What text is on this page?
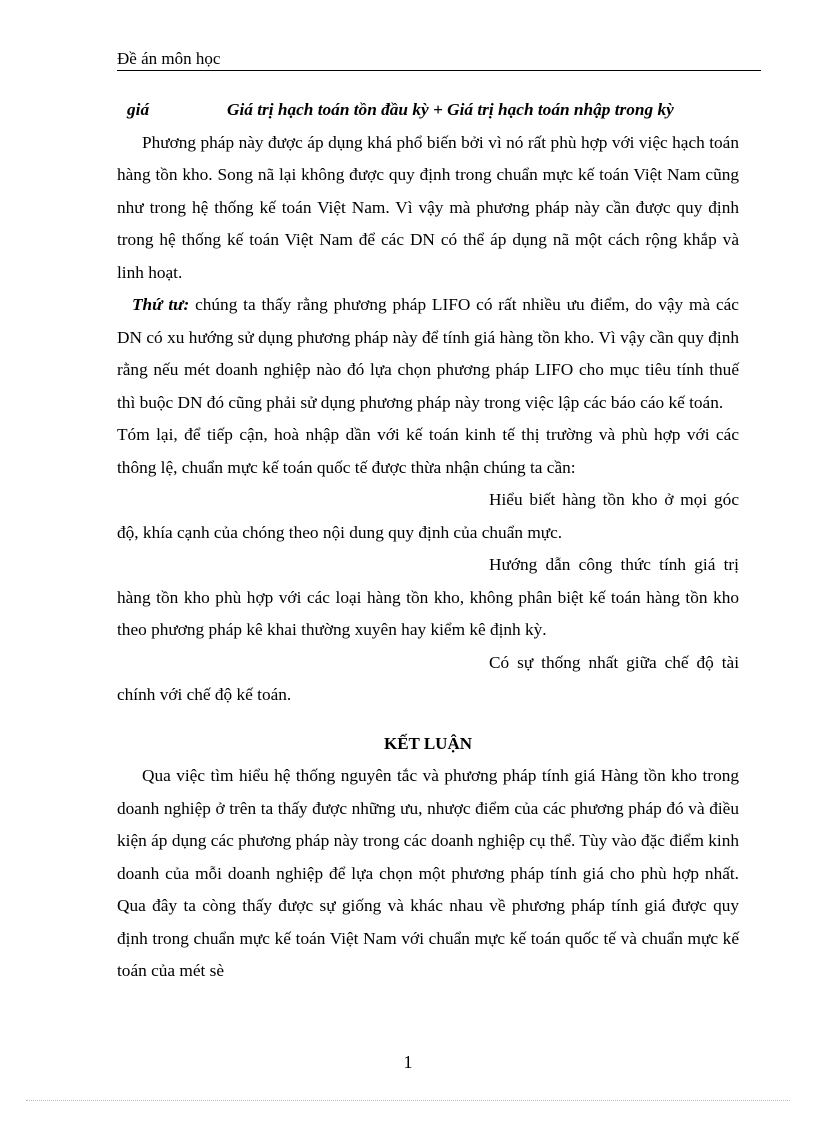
Đề án môn học

giá	Giá trị hạch toán tồn đầu kỳ + Giá trị hạch toán nhập trong kỳ

Phương pháp này được áp dụng khá phổ biến bởi vì nó rất phù hợp với việc hạch toán hàng tồn kho. Song nã lại không được quy định trong chuẩn mực kế toán Việt Nam cũng như trong hệ thống kế toán Việt Nam. Vì vậy mà phương pháp này cần được quy định trong hệ thống kế toán Việt Nam để các DN có thể áp dụng nã một cách rộng khắp và linh hoạt.

Thứ tư: chúng ta thấy rằng phương pháp LIFO có rất nhiều ưu điểm, do vậy mà các DN có xu hướng sử dụng phương pháp này để tính giá hàng tồn kho. Vì vậy cần quy định rằng nếu mét doanh nghiệp nào đó lựa chọn phương pháp LIFO cho mục tiêu tính thuế thì buộc DN đó cũng phải sử dụng phương pháp này trong việc lập các báo cáo kế toán.

Tóm lại, để tiếp cận, hoà nhập dần với kế toán kinh tế thị trường và phù hợp với các thông lệ, chuẩn mực kế toán quốc tế được thừa nhận chúng ta cần:

Hiểu biết hàng tồn kho ở mọi góc độ, khía cạnh của chóng theo nội dung quy định của chuẩn mực.

Hướng dẫn công thức tính giá trị hàng tồn kho phù hợp với các loại hàng tồn kho, không phân biệt kế toán hàng tồn kho theo phương pháp kê khai thường xuyên hay kiểm kê định kỳ.

Có sự thống nhất giữa chế độ tài chính với chế độ kế toán.

KẾT LUẬN

Qua việc tìm hiểu hệ thống nguyên tắc và phương pháp tính giá Hàng tồn kho trong doanh nghiệp ở trên ta thấy được những ưu, nhược điểm của các phương pháp đó và điều kiện áp dụng các phương pháp này trong các doanh nghiệp cụ thể. Tùy vào đặc điểm kinh doanh của mỗi doanh nghiệp để lựa chọn một phương pháp tính giá cho phù hợp nhất. Qua đây ta còng thấy được sự giống và khác nhau về phương pháp tính giá được quy định trong chuẩn mực kế toán Việt Nam với chuẩn mực kế toán quốc tế và chuẩn mực kế toán của mét sè

1
